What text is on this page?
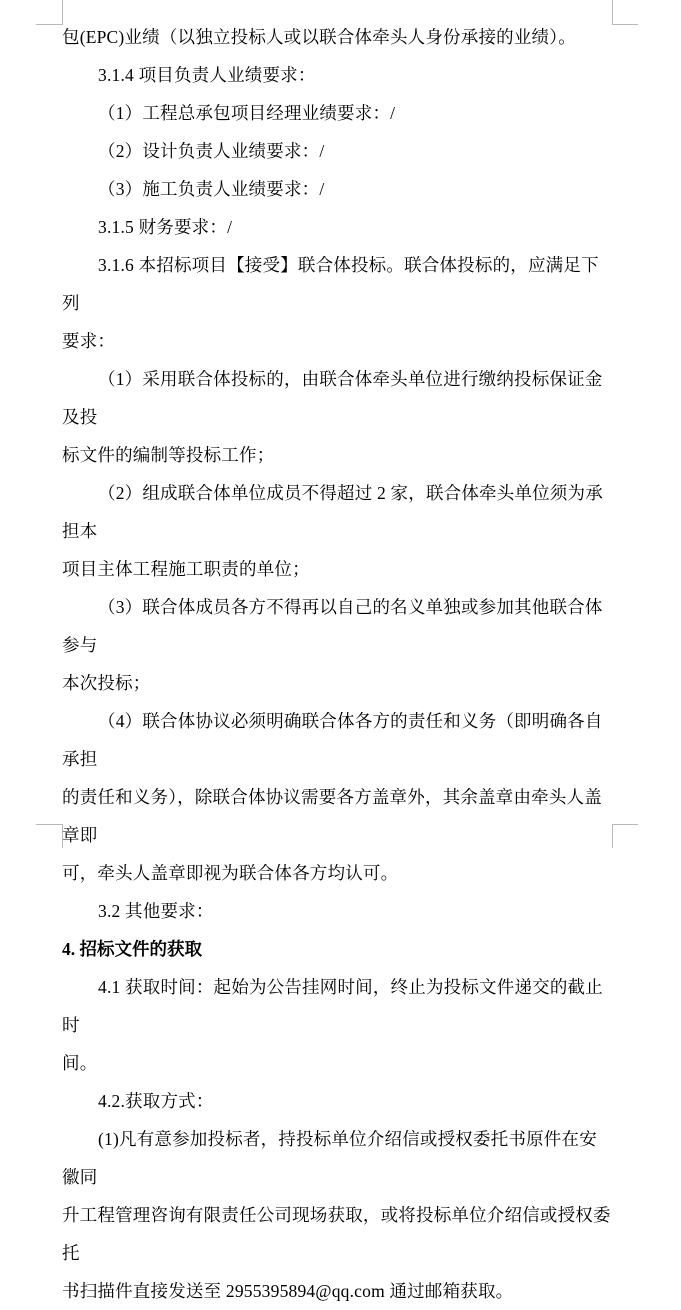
包(EPC)业绩（以独立投标人或以联合体牵头人身份承接的业绩）。
3.1.4 项目负责人业绩要求：
（1）工程总承包项目经理业绩要求：/
（2）设计负责人业绩要求：/
（3）施工负责人业绩要求：/
3.1.5 财务要求：/
3.1.6 本招标项目【接受】联合体投标。联合体投标的，应满足下列
要求：
（1）采用联合体投标的，由联合体牵头单位进行缴纳投标保证金及投
标文件的编制等投标工作；
（2）组成联合体单位成员不得超过 2 家，联合体牵头单位须为承担本
项目主体工程施工职责的单位；
（3）联合体成员各方不得再以自己的名义单独或参加其他联合体参与
本次投标；
（4）联合体协议必须明确联合体各方的责任和义务（即明确各自承担
的责任和义务），除联合体协议需要各方盖章外，其余盖章由牵头人盖章即
可，牵头人盖章即视为联合体各方均认可。
3.2 其他要求：
4. 招标文件的获取
4.1 获取时间：起始为公告挂网时间，终止为投标文件递交的截止时
间。
4.2.获取方式：
(1)凡有意参加投标者，持投标单位介绍信或授权委托书原件在安徽同
升工程管理咨询有限责任公司现场获取，或将投标单位介绍信或授权委托
书扫描件直接发送至 2955395894@qq.com 通过邮箱获取。
